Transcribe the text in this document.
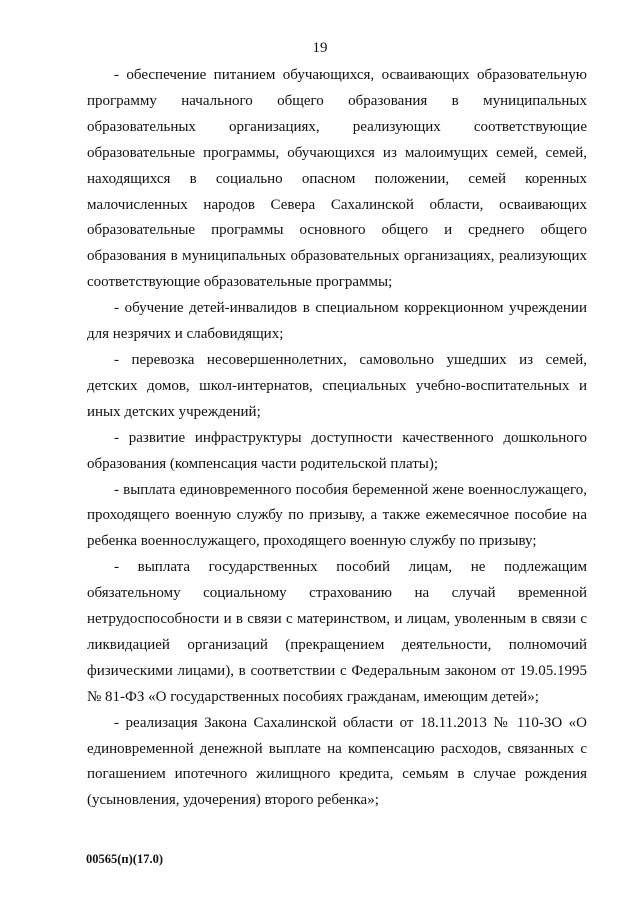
19

- обеспечение питанием обучающихся, осваивающих образовательную программу начального общего образования в муниципальных образовательных организациях, реализующих соответствующие образовательные программы, обучающихся из малоимущих семей, семей, находящихся в социально опасном положении, семей коренных малочисленных народов Севера Сахалинской области, осваивающих образовательные программы основного общего и среднего общего образования в муниципальных образовательных организациях, реализующих соответствующие образовательные программы;

- обучение детей-инвалидов в специальном коррекционном учреждении для незрячих и слабовидящих;

- перевозка несовершеннолетних, самовольно ушедших из семей, детских домов, школ-интернатов, специальных учебно-воспитательных и иных детских учреждений;

- развитие инфраструктуры доступности качественного дошкольного образования (компенсация части родительской платы);

- выплата единовременного пособия беременной жене военнослужащего, проходящего военную службу по призыву, а также ежемесячное пособие на ребенка военнослужащего, проходящего военную службу по призыву;

- выплата государственных пособий лицам, не подлежащим обязательному социальному страхованию на случай временной нетрудоспособности и в связи с материнством, и лицам, уволенным в связи с ликвидацией организаций (прекращением деятельности, полномочий физическими лицами), в соответствии с Федеральным законом от 19.05.1995 № 81-ФЗ «О государственных пособиях гражданам, имеющим детей»;

- реализация Закона Сахалинской области от 18.11.2013 № 110-ЗО «О единовременной денежной выплате на компенсацию расходов, связанных с погашением ипотечного жилищного кредита, семьям в случае рождения (усыновления, удочерения) второго ребенка»;

00565(п)(17.0)
